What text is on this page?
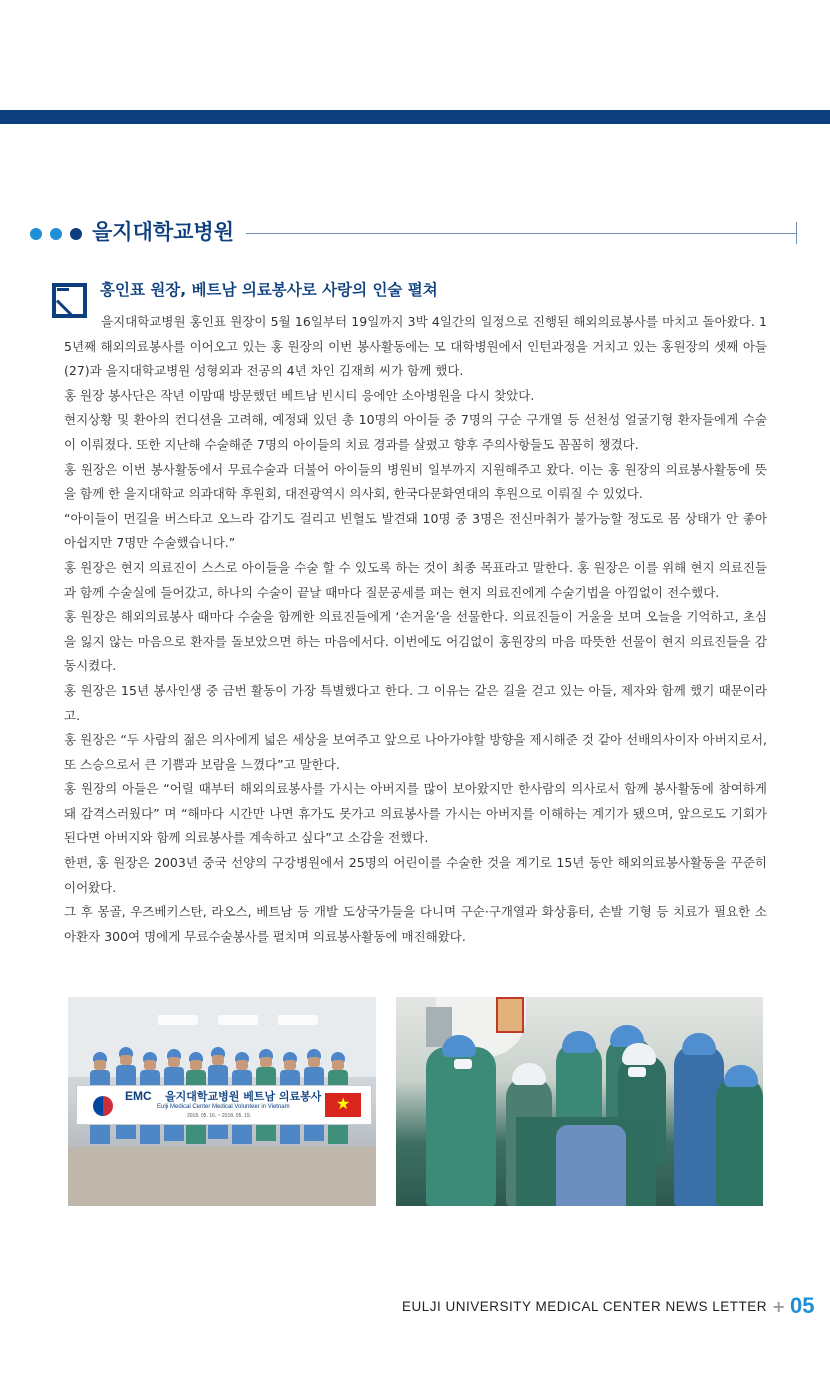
을지대학교병원
홍인표 원장, 베트남 의료봉사로 사랑의 인술 펼쳐

을지대학교병원 홍인표 원장이 5월 16일부터 19일까지 3박 4일간의 일정으로 진행된 해외의료봉사를 마치고 돌아왔다. 15년째 해외의료봉사를 이어오고 있는 홍 원장의 이번 봉사활동에는 모 대학병원에서 인턴과정을 거치고 있는 홍원장의 셋째 아들(27)과 을지대학교병원 성형외과 전공의 4년 차인 김재희 씨가 함께 했다.

홍 원장 봉사단은 작년 이맘때 방문했던 베트남 빈시티 응에안 소아병원을 다시 찾았다.

현지상황 및 환아의 컨디션을 고려해, 예정돼 있던 총 10명의 아이들 중 7명의 구순 구개열 등 선천성 얼굴기형 환자들에게 수술이 이뤄졌다. 또한 지난해 수술해준 7명의 아이들의 치료 경과를 살폈고 향후 주의사항들도 꼼꼼히 챙겼다.

홍 원장은 이번 봉사활동에서 무료수술과 더불어 아이들의 병원비 일부까지 지원해주고 왔다. 이는 홍 원장의 의료봉사활동에 뜻을 함께 한 을지대학교 의과대학 후원회, 대전광역시 의사회, 한국다문화연대의 후원으로 이뤄질 수 있었다.

“아이들이 먼길을 버스타고 오느라 감기도 걸리고 빈혈도 발견돼 10명 중 3명은 전신마취가 불가능할 정도로 몸 상태가 안 좋아 아쉽지만 7명만 수술했습니다.”

홍 원장은 현지 의료진이 스스로 아이들을 수술 할 수 있도록 하는 것이 최종 목표라고 말한다. 홍 원장은 이를 위해 현지 의료진들과 함께 수술실에 들어갔고, 하나의 수술이 끝날 때마다 질문공세를 펴는 현지 의료진에게 수술기법을 아낌없이 전수했다.

홍 원장은 해외의료봉사 때마다 수술을 함께한 의료진들에게 ‘손거울’을 선물한다. 의료진들이 거울을 보며 오늘을 기억하고, 초심을 잃지 않는 마음으로 환자를 돌보았으면 하는 마음에서다. 이번에도 어김없이 홍원장의 마음 따뜻한 선물이 현지 의료진들을 감동시켰다.

홍 원장은 15년 봉사인생 중 금번 활동이 가장 특별했다고 한다. 그 이유는 같은 길을 걷고 있는 아들, 제자와 함께 했기 때문이라고.

홍 원장은 “두 사람의 젊은 의사에게 넓은 세상을 보여주고 앞으로 나아가야할 방향을 제시해준 것 같아 선배의사이자 아버지로서, 또 스승으로서 큰 기쁨과 보람을 느꼈다”고 말한다.

홍 원장의 아들은 “어릴 때부터 해외의료봉사를 가시는 아버지를 많이 보아왔지만 한사람의 의사로서 함께 봉사활동에 참여하게 돼 감격스러웠다” 며 “해마다 시간만 나면 휴가도 못가고 의료봉사를 가시는 아버지를 이해하는 계기가 됐으며, 앞으로도 기회가 된다면 아버지와 함께 의료봉사를 계속하고 싶다”고 소감을 전했다.

한편, 홍 원장은 2003년 중국 선양의 구강병원에서 25명의 어린이를 수술한 것을 계기로 15년 동안 해외의료봉사활동을 꾸준히 이어왔다.

그 후 몽골, 우즈베키스탄, 라오스, 베트남 등 개발 도상국가들을 다니며 구순·구개열과 화상흉터, 손발 기형 등 치료가 필요한 소아환자 300여 명에게 무료수술봉사를 펼치며 의료봉사활동에 매진해왔다.

EMC 을지대학교병원 베트남 의료봉사
Eulji Medical Center Medical Volunteer in Vietnam
2018. 05. 16. ~ 2018. 05. 19.
★
EULJI UNIVERSITY MEDICAL CENTER NEWS LETTER + 05
